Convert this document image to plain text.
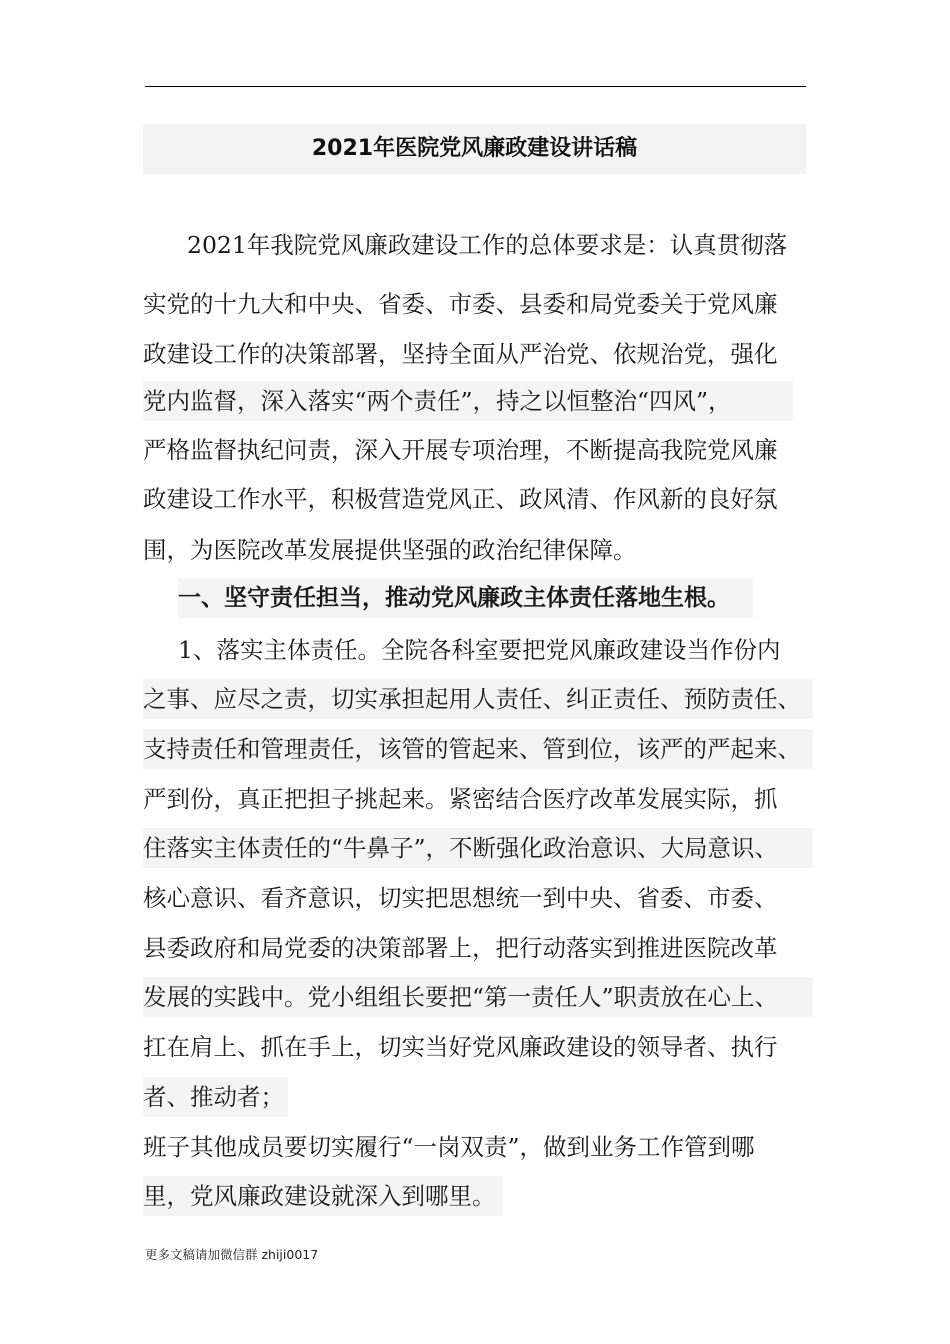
2021年医院党风廉政建设讲话稿
2021年我院党风廉政建设工作的总体要求是：认真贯彻落
实党的十九大和中央、省委、市委、县委和局党委关于党风廉
政建设工作的决策部署，坚持全面从严治党、依规治党，强化
党内监督，深入落实“两个责任”，持之以恒整治“四风”，
严格监督执纪问责，深入开展专项治理，不断提高我院党风廉
政建设工作水平，积极营造党风正、政风清、作风新的良好氛
围，为医院改革发展提供坚强的政治纪律保障。
一、坚守责任担当，推动党风廉政主体责任落地生根。
1、落实主体责任。全院各科室要把党风廉政建设当作份内
之事、应尽之责，切实承担起用人责任、纠正责任、预防责任、
支持责任和管理责任，该管的管起来、管到位，该严的严起来、
严到份，真正把担子挑起来。紧密结合医疗改革发展实际，抓
住落实主体责任的“牛鼻子”，不断强化政治意识、大局意识、
核心意识、看齐意识，切实把思想统一到中央、省委、市委、
县委政府和局党委的决策部署上，把行动落实到推进医院改革
发展的实践中。党小组组长要把“第一责任人”职责放在心上、
扛在肩上、抓在手上，切实当好党风廉政建设的领导者、执行
者、推动者；
班子其他成员要切实履行“一岗双责”，做到业务工作管到哪
里，党风廉政建设就深入到哪里。
更多文稿请加微信群 zhiji0017
